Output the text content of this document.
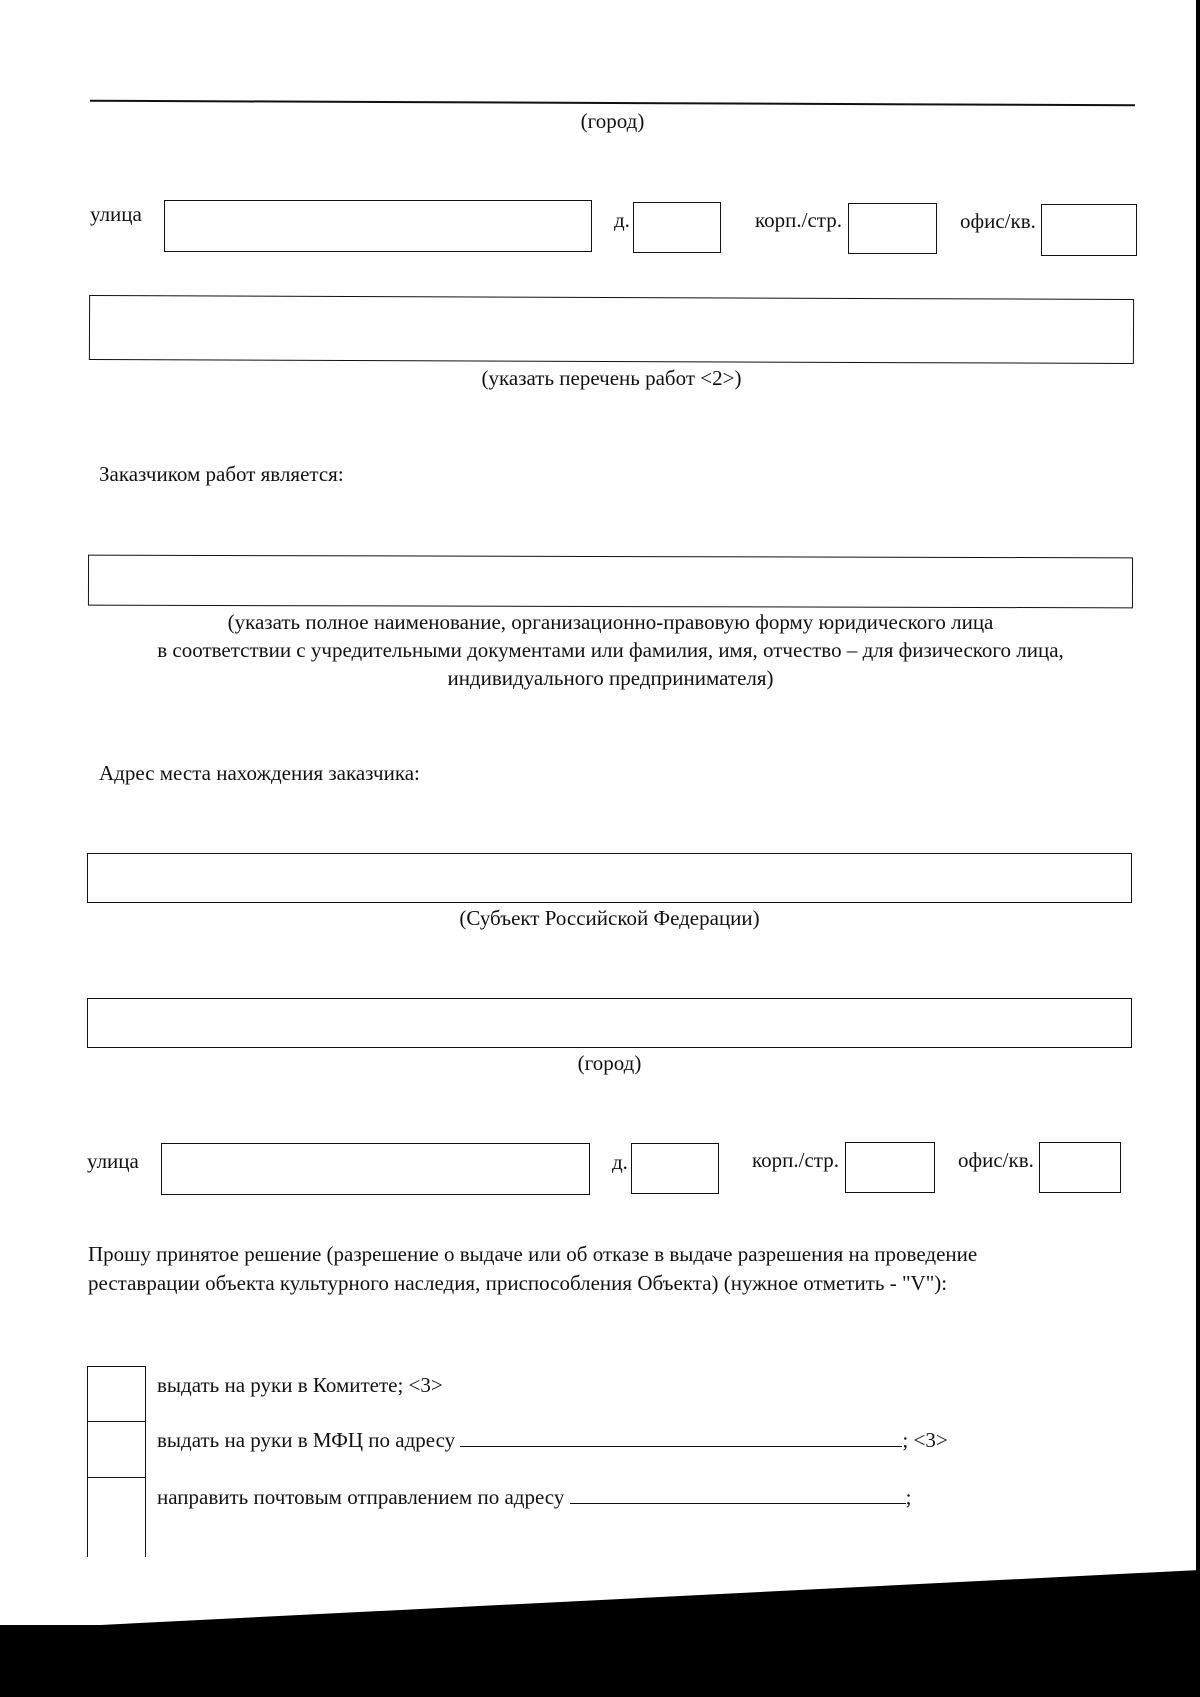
(город)
улица	д.	корп./стр.	офис/кв.
(указать перечень работ <2>)
Заказчиком работ является:
(указать полное наименование, организационно-правовую форму юридического лица
в соответствии с учредительными документами или фамилия, имя, отчество – для физического лица,
индивидуального предпринимателя)
Адрес места нахождения заказчика:
(Субъект Российской Федерации)
(город)
улица	д.	корп./стр.	офис/кв.
Прошу принятое решение (разрешение о выдаче или об отказе в выдаче разрешения на проведение
реставрации объекта культурного наследия, приспособления Объекта) (нужное отметить - "V"):
выдать на руки в Комитете; <3>
выдать на руки в МФЦ по адресу	; <3>
направить почтовым отправлением по адресу	;
